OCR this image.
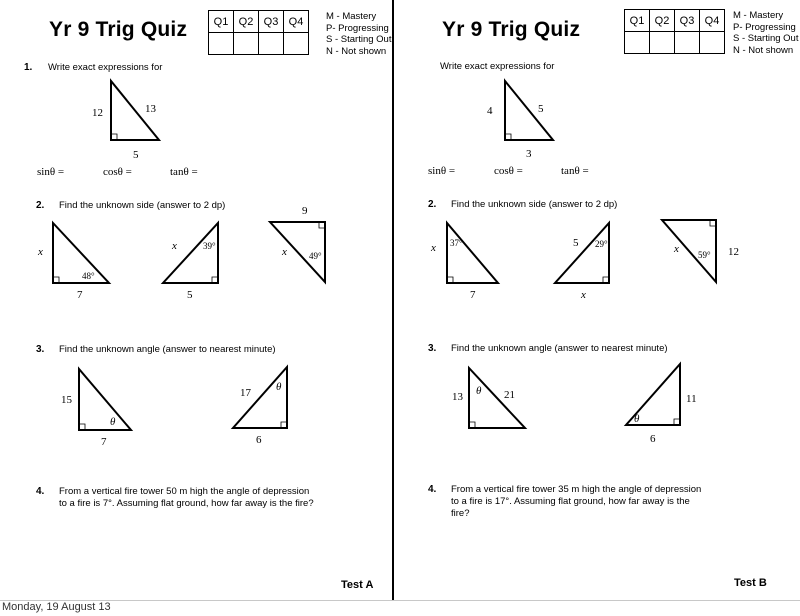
Yr 9 Trig Quiz Q1	Q2	Q3	Q4
			M - Mastery
P- Progressing
S - Starting Out
N - Not shown
1. Write exact expressions for
12	13
5
x
48°
7
x	39°
5
9
x 49°
15
θ
7
17 θ
6
sinθ =	cosθ =	tanθ =
2. Find the unknown side (answer to 2 dp)
3. Find the unknown angle (answer to nearest minute)
4. From a vertical fire tower 50 m high the angle of depression
to a fire is 7°. Assuming flat ground, how far away is the fire?
Test A
Yr 9 Trig Quiz	Q1	Q2	Q3	Q4
			M - Mastery
P- Progressing
S - Starting Out
N - Not shown
Write exact expressions for
4	5
3
x 37°
7
5 29°
x
x 59° 12
13 θ 21
θ
11
6
sinθ =	cosθ =	tanθ =
2. Find the unknown side (answer to 2 dp)
3. Find the unknown angle (answer to nearest minute)
4. From a vertical fire tower 35 m high the angle of depression
to a fire is 17°. Assuming flat ground, how far away is the
fire?
Test B
Monday, 19 August 13
